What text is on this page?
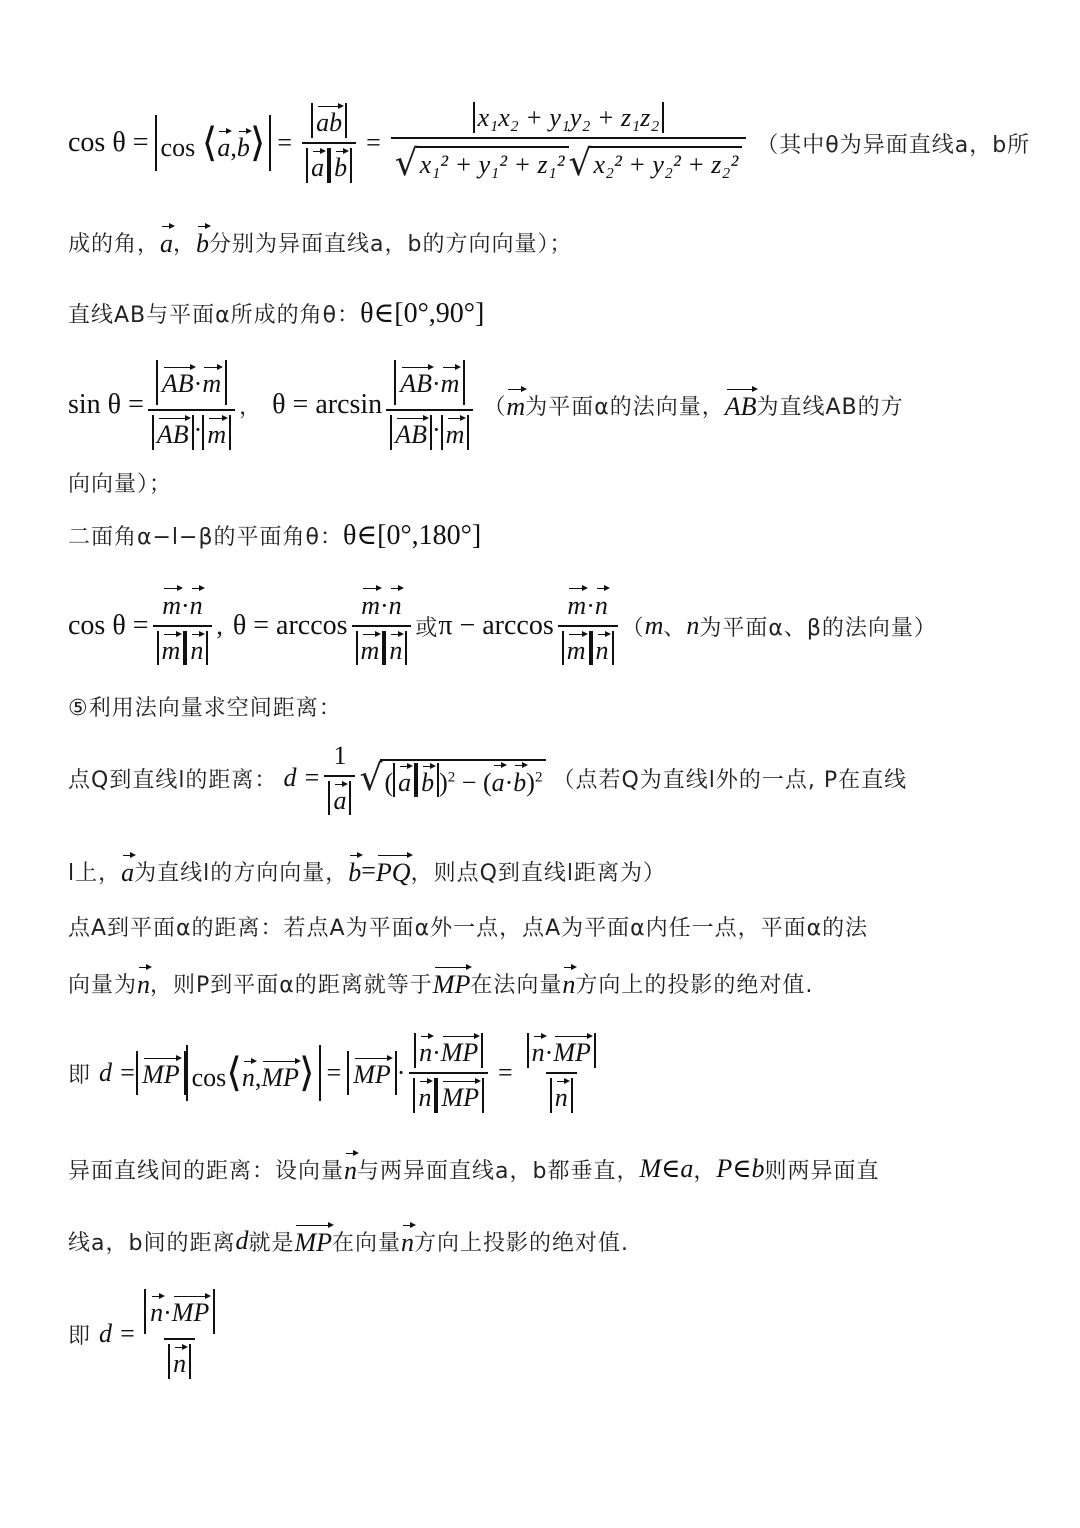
cos θ = cos ⟨a,b⟩ = $\frac{ab}{\text{a b}} = \frac{\text{x₁x₂ + y₁y₂ + z₁z₂}}{\text{√ x₁² + y₁² + z₁² √ x₂² + y₂² + z₂²}}$ （其中θ为异面直线a，b所
成的角， a ， b 分别为异面直线a，b的方向向量）；
直线AB与平面α所成的角θ： θ∈[0°,90°]
$\sin \theta = \frac{AB\cdot m}{AB \cdot m}$ ， $\theta = \arcsin \frac{AB\cdot m}{AB \cdot m}$ （ m 为平面α的法向量， AB 为直线AB的方
向向量）；
二面角α−l−β的平面角θ： θ∈[0°,180°]
$\cos \theta = \frac{m \cdot n}{\text{m n}}$ , $\theta = \arccos \frac{m \cdot n}{\text{m n}}$ 或 $\pi - \arccos \frac{m \cdot n}{\text{m n}}$ （ m 、 n 为平面α、β的法向量）
⑤利用法向量求空间距离：
点Q到直线l的距离： $d = \frac{1}{a}$ √ ( a b )$^2 - (a\cdot b)^2$ （点若Q为直线l外的一点, P在直线
l上， a 为直线l的方向向量， b = PQ ，则点Q到直线l距离为）
点A到平面α的距离：若点A为平面α外一点，点A为平面α内任一点，平面α的法
向量为 n ，则P到平面α的距离就等于 MP 在法向量 n 方向上的投影的绝对值.
即 d = MP cos⟨n,MP⟩ = MP · $\frac{n\cdot MP}{\text{n MP}} = \frac{n\cdot MP}{n}$
异面直线间的距离：设向量 n 与两异面直线a，b都垂直， M∈a ， P∈b 则两异面直
线a，b间的距离 d 就是 MP 在向量 n 方向上投影的绝对值.
即 $d = \frac{n\cdot MP}{n}$
